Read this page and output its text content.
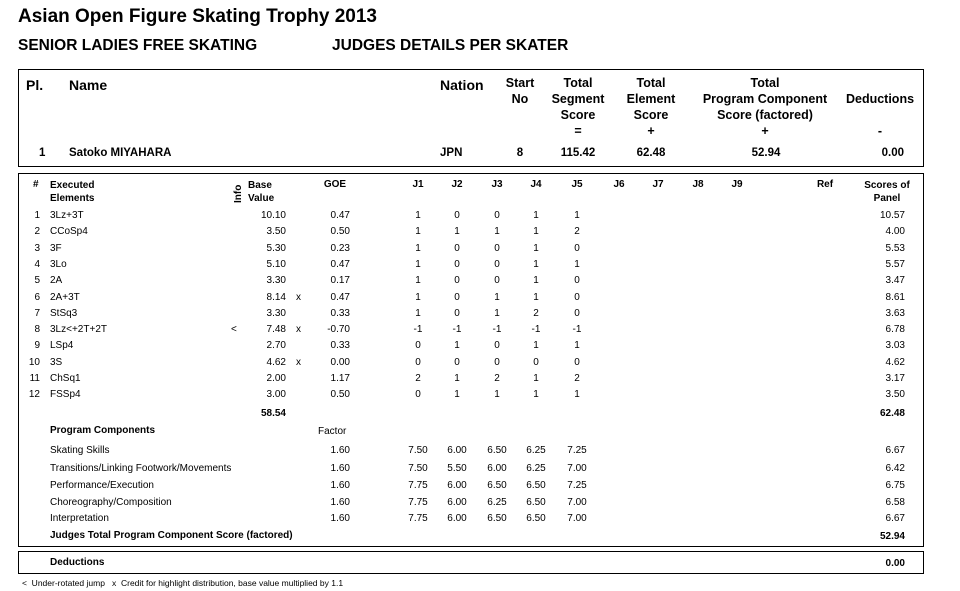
Asian Open Figure Skating Trophy 2013
SENIOR LADIES FREE SKATING	JUDGES DETAILS PER SKATER
Pl. Name	Nation	Start
No
Total
Segment
Score
=
Total
Element
Score
+
Total
Program Component
Score (factored)
+
Deductions
-
1 Satoko MIYAHARA	JPN	8	115.42	62.48	52.94	0.00
# Executed
Elements	Info Base
Value
GOE	J1	J2	J3	J4	J5	J6	J7	J8	J9	Ref	Scores of
Panel
1 3Lz+3T	10.10	0.47	1	0	0	1	1	10.57
2 CCoSp4	3.50	0.50	1	1	1	1	2	4.00
3 3F	5.30	0.23	1	0	0	1	0	5.53
4 3Lo	5.10	0.47	1	0	0	1	1	5.57
5 2A	3.30	0.17	1	0	0	1	0	3.47
6 2A+3T	8.14 x	0.47	1	0	1	1	0	8.61
7 StSq3	3.30	0.33	1	0	1	2	0	3.63
8 3Lz<+2T+2T	<	7.48 x	-0.70	-1	-1	-1	-1	-1	6.78
9 LSp4	2.70	0.33	0	1	0	1	1	3.03
10 3S	4.62 x	0.00	0	0	0	0	0	4.62
11 ChSq1	2.00	1.17	2	1	2	1	2	3.17
12 FSSp4	3.00	0.50	0	1	1	1	1	3.50
58.54	62.48
Program Components	Factor
Skating Skills	1.60	7.50	6.00	6.50	6.25	7.25	6.67
Transitions/Linking Footwork/Movements	1.60	7.50	5.50	6.00	6.25	7.00	6.42
Performance/Execution	1.60	7.75	6.00	6.50	6.50	7.25	6.75
Choreography/Composition	1.60	7.75	6.00	6.25	6.50	7.00	6.58
Interpretation	1.60	7.75	6.00	6.50	6.50	7.00	6.67
Judges Total Program Component Score (factored)	52.94
Deductions	0.00
<  Under-rotated jump   x  Credit for highlight distribution, base value multiplied by 1.1
